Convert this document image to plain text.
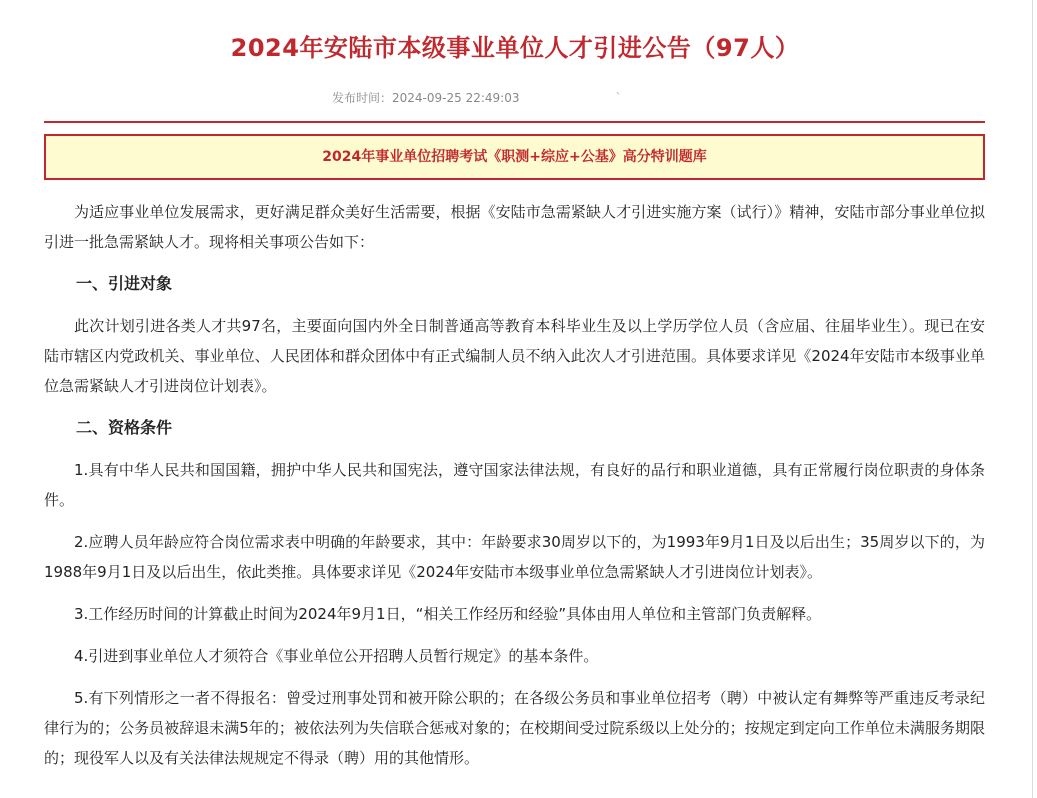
2024年安陆市本级事业单位人才引进公告（97人）
发布时间：2024-09-25 22:49:03	`
2024年事业单位招聘考试《职测+综应+公基》高分特训题库

为适应事业单位发展需求，更好满足群众美好生活需要，根据《安陆市急需紧缺人才引进实施方案（试行）》精神，安陆市部分事业单位拟引进一批急需紧缺人才。现将相关事项公告如下：

一、引进对象

此次计划引进各类人才共97名，主要面向国内外全日制普通高等教育本科毕业生及以上学历学位人员（含应届、往届毕业生）。现已在安陆市辖区内党政机关、事业单位、人民团体和群众团体中有正式编制人员不纳入此次人才引进范围。具体要求详见《2024年安陆市本级事业单位急需紧缺人才引进岗位计划表》。

二、资格条件

1.具有中华人民共和国国籍，拥护中华人民共和国宪法，遵守国家法律法规，有良好的品行和职业道德，具有正常履行岗位职责的身体条件。

2.应聘人员年龄应符合岗位需求表中明确的年龄要求，其中：年龄要求30周岁以下的，为1993年9月1日及以后出生；35周岁以下的，为1988年9月1日及以后出生，依此类推。具体要求详见《2024年安陆市本级事业单位急需紧缺人才引进岗位计划表》。

3.工作经历时间的计算截止时间为2024年9月1日，“相关工作经历和经验”具体由用人单位和主管部门负责解释。

4.引进到事业单位人才须符合《事业单位公开招聘人员暂行规定》的基本条件。

5.有下列情形之一者不得报名：曾受过刑事处罚和被开除公职的；在各级公务员和事业单位招考（聘）中被认定有舞弊等严重违反考录纪律行为的；公务员被辞退未满5年的；被依法列为失信联合惩戒对象的；在校期间受过院系级以上处分的；按规定到定向工作单位未满服务期限的；现役军人以及有关法律法规规定不得录（聘）用的其他情形。
